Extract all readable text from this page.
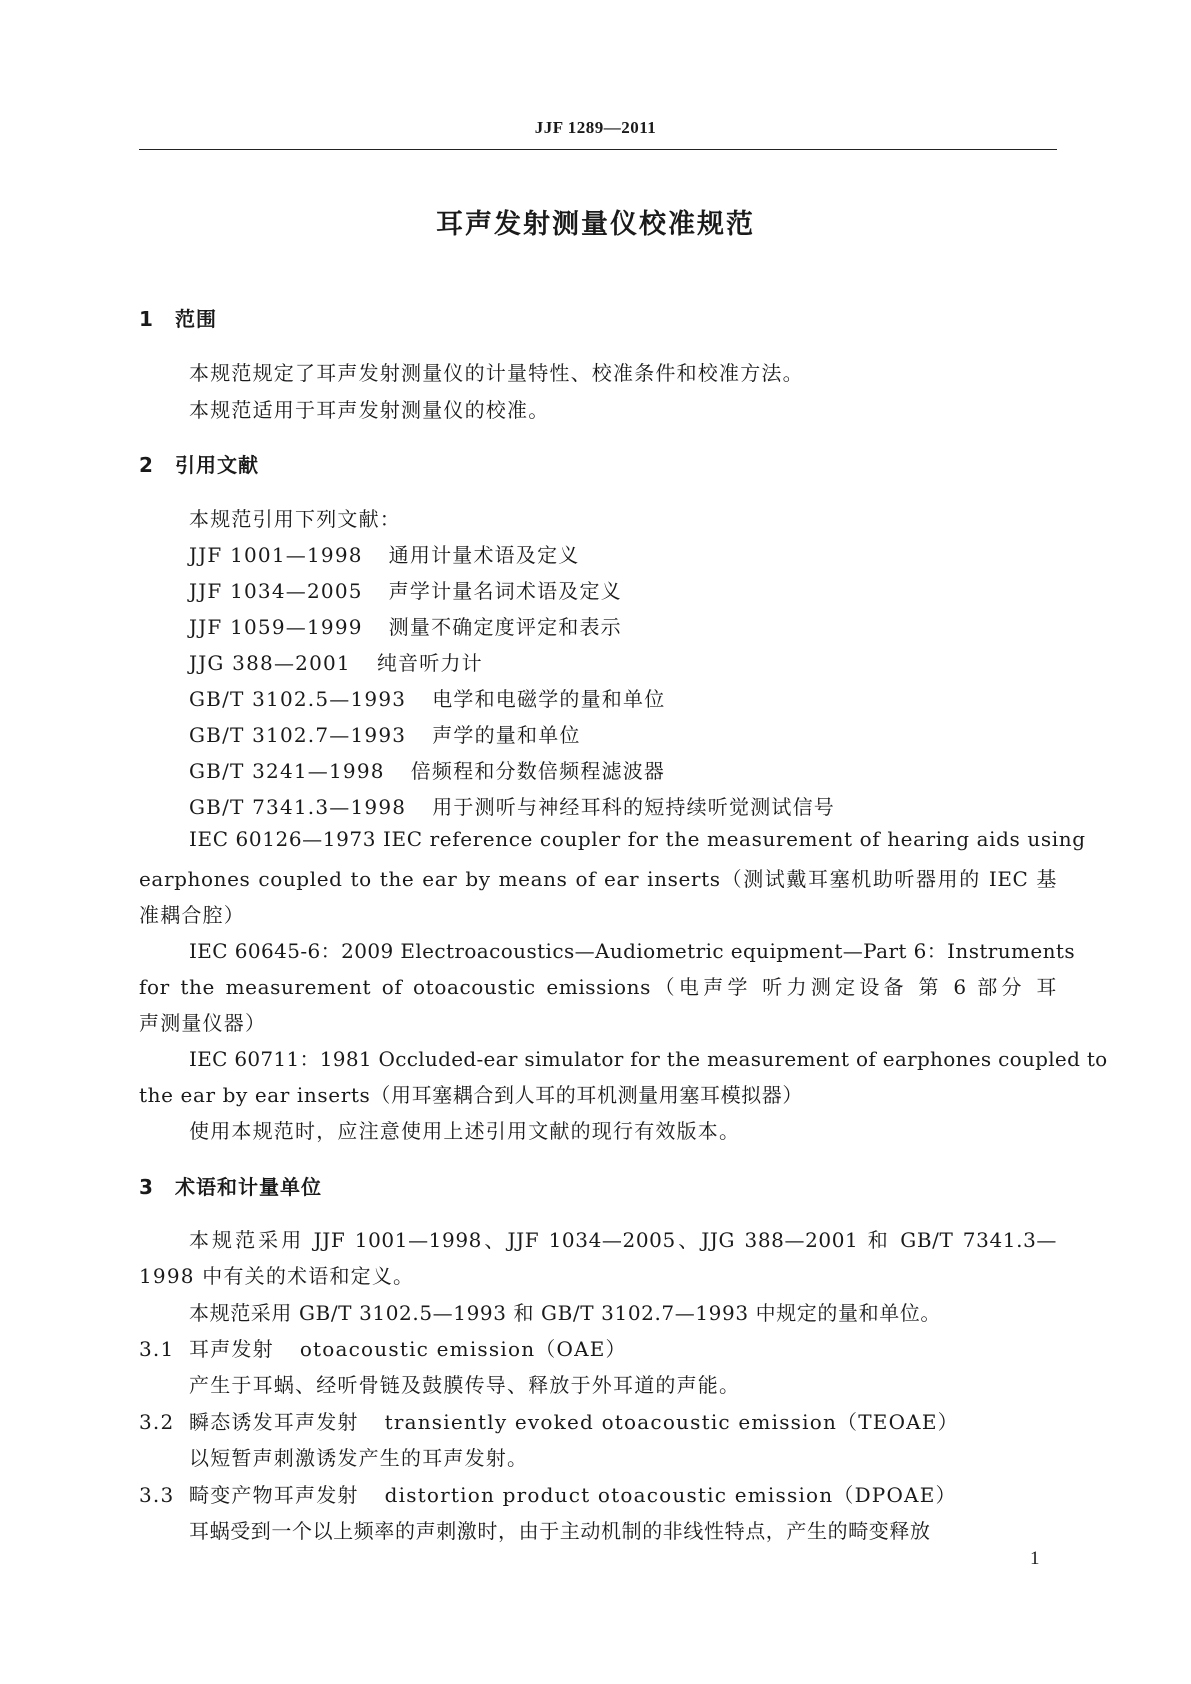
JJF 1289—2011
耳声发射测量仪校准规范
1 范围
本规范规定了耳声发射测量仪的计量特性、校准条件和校准方法。
本规范适用于耳声发射测量仪的校准。
2 引用文献
本规范引用下列文献：
JJF 1001—1998 通用计量术语及定义
JJF 1034—2005 声学计量名词术语及定义
JJF 1059—1999 测量不确定度评定和表示
JJG 388—2001 纯音听力计
GB/T 3102.5—1993 电学和电磁学的量和单位
GB/T 3102.7—1993 声学的量和单位
GB/T 3241—1998 倍频程和分数倍频程滤波器
GB/T 7341.3—1998 用于测听与神经耳科的短持续听觉测试信号
IEC 60126—1973 IEC reference coupler for the measurement of hearing aids using
earphones coupled to the ear by means of ear inserts（测试戴耳塞机助听器用的 IEC 基
准耦合腔）
IEC 60645-6：2009 Electroacoustics—Audiometric equipment—Part 6：Instruments
for the measurement of otoacoustic emissions（电声学 听力测定设备 第 6 部分 耳
声测量仪器）
IEC 60711：1981 Occluded-ear simulator for the measurement of earphones coupled to
the ear by ear inserts（用耳塞耦合到人耳的耳机测量用塞耳模拟器）
使用本规范时，应注意使用上述引用文献的现行有效版本。
3 术语和计量单位
本规范采用 JJF 1001—1998、JJF 1034—2005、JJG 388—2001 和 GB/T 7341.3—
1998 中有关的术语和定义。
本规范采用 GB/T 3102.5—1993 和 GB/T 3102.7—1993 中规定的量和单位。
3.1 耳声发射 otoacoustic emission（OAE）
产生于耳蜗、经听骨链及鼓膜传导、释放于外耳道的声能。
3.2 瞬态诱发耳声发射 transiently evoked otoacoustic emission（TEOAE）
以短暂声刺激诱发产生的耳声发射。
3.3 畸变产物耳声发射 distortion product otoacoustic emission（DPOAE）
耳蜗受到一个以上频率的声刺激时，由于主动机制的非线性特点，产生的畸变释放
1
